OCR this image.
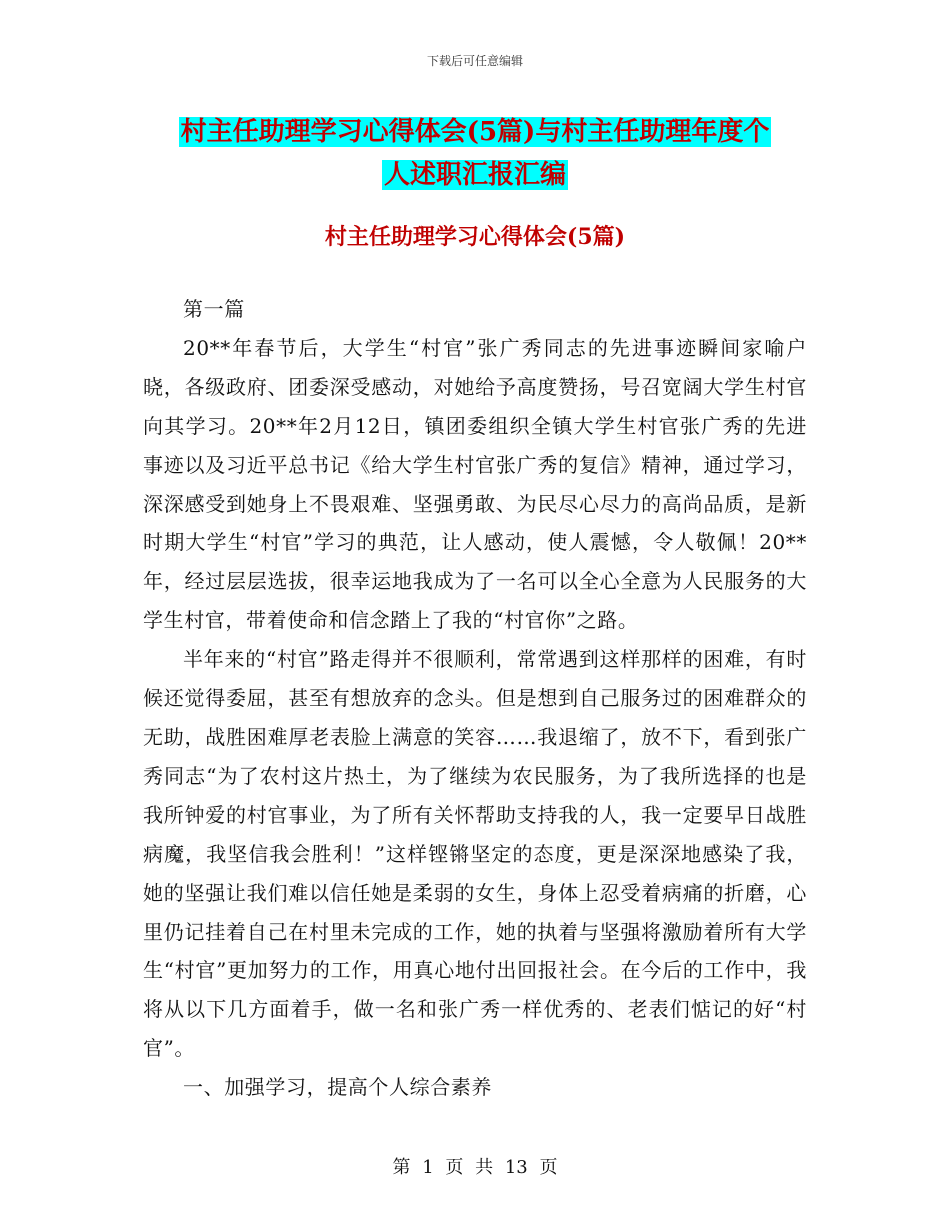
下载后可任意编辑
村主任助理学习心得体会(5篇)与村主任助理年度个
人述职汇报汇编
村主任助理学习心得体会(5篇)

第一篇

20**年春节后，大学生“村官”张广秀同志的先进事迹瞬间家喻户晓，各级政府、团委深受感动，对她给予高度赞扬，号召宽阔大学生村官向其学习。20**年2月12日，镇团委组织全镇大学生村官张广秀的先进事迹以及习近平总书记《给大学生村官张广秀的复信》精神，通过学习，深深感受到她身上不畏艰难、坚强勇敢、为民尽心尽力的高尚品质，是新时期大学生“村官”学习的典范，让人感动，使人震憾，令人敬佩！20**年，经过层层选拔，很幸运地我成为了一名可以全心全意为人民服务的大学生村官，带着使命和信念踏上了我的“村官你”之路。

半年来的“村官”路走得并不很顺利，常常遇到这样那样的困难，有时候还觉得委屈，甚至有想放弃的念头。但是想到自己服务过的困难群众的无助，战胜困难厚老表脸上满意的笑容……我退缩了，放不下，看到张广秀同志“为了农村这片热土，为了继续为农民服务，为了我所选择的也是我所钟爱的村官事业，为了所有关怀帮助支持我的人，我一定要早日战胜病魔，我坚信我会胜利！”这样铿锵坚定的态度，更是深深地感染了我，她的坚强让我们难以信任她是柔弱的女生，身体上忍受着病痛的折磨，心里仍记挂着自己在村里未完成的工作，她的执着与坚强将激励着所有大学生“村官”更加努力的工作，用真心地付出回报社会。在今后的工作中，我将从以下几方面着手，做一名和张广秀一样优秀的、老表们惦记的好“村官”。

一、加强学习，提高个人综合素养

第 1 页 共 13 页
